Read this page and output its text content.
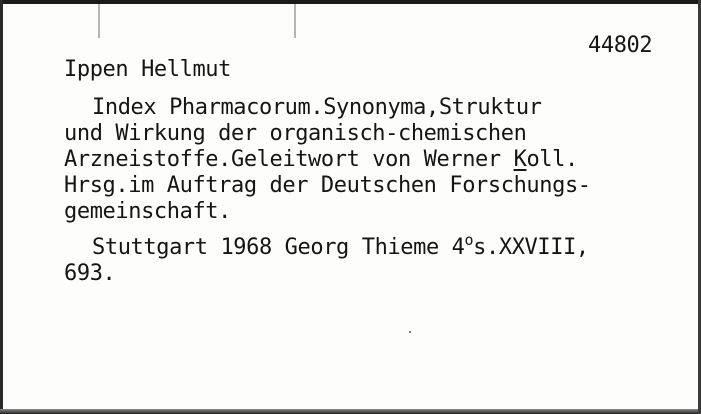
44802
Ippen Hellmut
Index Pharmacorum.Synonyma,Struktur
und Wirkung der organisch-chemischen
Arzneistoffe.Geleitwort von Werner Koll.
Hrsg.im Auftrag der Deutschen Forschungs-
gemeinschaft.
Stuttgart 1968 Georg Thieme 4$^o$s.XXVIII,
693.
